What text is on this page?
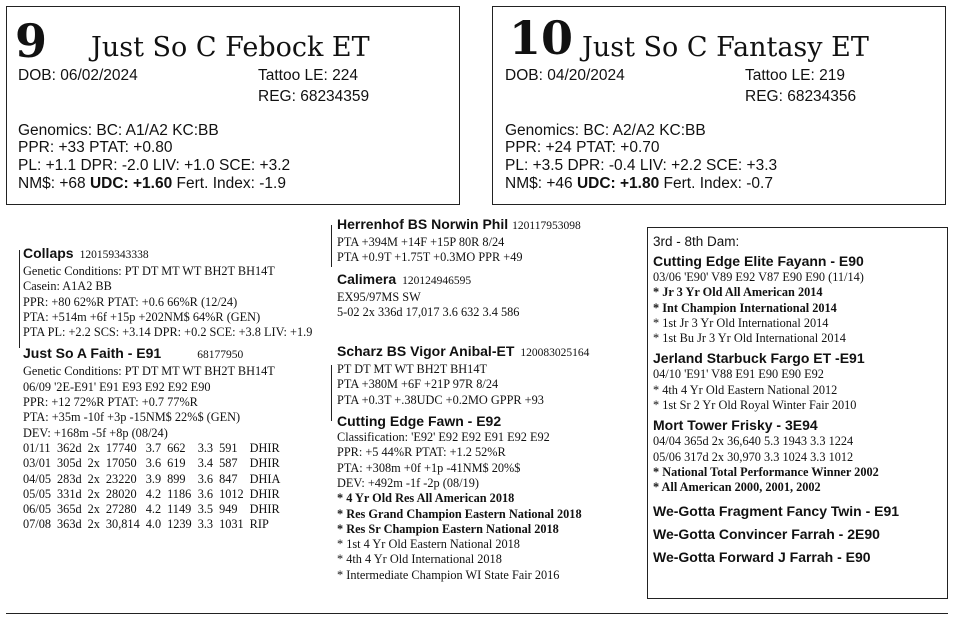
9 Just So C Febock ET
DOB: 06/02/2024	Tattoo LE: 224
REG: 68234359
Genomics: BC: A1/A2 KC:BB
PPR: +33 PTAT: +0.80
PL: +1.1 DPR: -2.0 LIV: +1.0 SCE: +3.2
NM$: +68 UDC: +1.60 Fert. Index: -1.9
10 Just So C Fantasy ET
DOB: 04/20/2024	Tattoo LE: 219
REG: 68234356
Genomics: BC: A2/A2 KC:BB
PPR: +24 PTAT: +0.70
PL: +3.5 DPR: -0.4 LIV: +2.2 SCE: +3.3
NM$: +46 UDC: +1.80 Fert. Index: -0.7
Collaps 120159343338
Genetic Conditions: PT DT MT WT BH2T BH14T
Casein: A1A2 BB
PPR: +80 62%R PTAT: +0.6 66%R (12/24)
PTA: +514m +6f +15p +202NM$ 64%R (GEN)
PTA PL: +2.2 SCS: +3.14 DPR: +0.2 SCE: +3.8 LIV: +1.9
Just So A Faith - E91	68177950
Genetic Conditions: PT DT MT WT BH2T BH14T
06/09 '2E-E91' E91 E93 E92 E92 E90
PPR: +12 72%R PTAT: +0.7 77%R
PTA: +35m -10f +3p -15NM$ 22%$ (GEN)
DEV: +168m -5f +8p (08/24)
01/11	362d	2x	17740	3.7	662	3.3	591	DHIR
03/01	305d	2x	17050	3.6	619	3.4	587	DHIR
04/05	283d	2x	23220	3.9	899	3.6	847	DHIA
05/05	331d	2x	28020	4.2	1186	3.6	1012	DHIR
06/05	365d	2x	27280	4.2	1149	3.5	949	DHIR
07/08	363d	2x	30,814	4.0	1239	3.3	1031	RIP
Herrenhof BS Norwin Phil 120117953098
PTA +394M +14F +15P 80R 8/24
PTA +0.9T +1.75T +0.3MO PPR +49
Calimera 120124946595
EX95/97MS SW
5-02 2x 336d 17,017 3.6 632 3.4 586
Scharz BS Vigor Anibal-ET 120083025164
PT DT MT WT BH2T BH14T
PTA +380M +6F +21P 97R 8/24
PTA +0.3T +.38UDC +0.2MO GPPR +93
Cutting Edge Fawn - E92
Classification: 'E92' E92 E92 E91 E92 E92
PPR: +5 44%R PTAT: +1.2 52%R
PTA: +308m +0f +1p -41NM$ 20%$
DEV: +492m -1f -2p (08/19)
* 4 Yr Old Res All American 2018
* Res Grand Champion Eastern National 2018
* Res Sr Champion Eastern National 2018
* 1st 4 Yr Old Eastern National 2018
* 4th 4 Yr Old International 2018
* Intermediate Champion WI State Fair 2016
3rd - 8th Dam:
Cutting Edge Elite Fayann - E90
03/06 'E90' V89 E92 V87 E90 E90 (11/14)
* Jr 3 Yr Old All American 2014
* Int Champion International 2014
* 1st Jr 3 Yr Old International 2014
* 1st Bu Jr 3 Yr Old International 2014
Jerland Starbuck Fargo ET -E91
04/10 'E91' V88 E91 E90 E90 E92
* 4th 4 Yr Old Eastern National 2012
* 1st Sr 2 Yr Old Royal Winter Fair 2010
Mort Tower Frisky - 3E94
04/04 365d 2x 36,640 5.3 1943 3.3 1224
05/06 317d 2x 30,970 3.3 1024 3.3 1012
* National Total Performance Winner 2002
* All American 2000, 2001, 2002
We-Gotta Fragment Fancy Twin - E91
We-Gotta Convincer Farrah - 2E90
We-Gotta Forward J Farrah - E90
